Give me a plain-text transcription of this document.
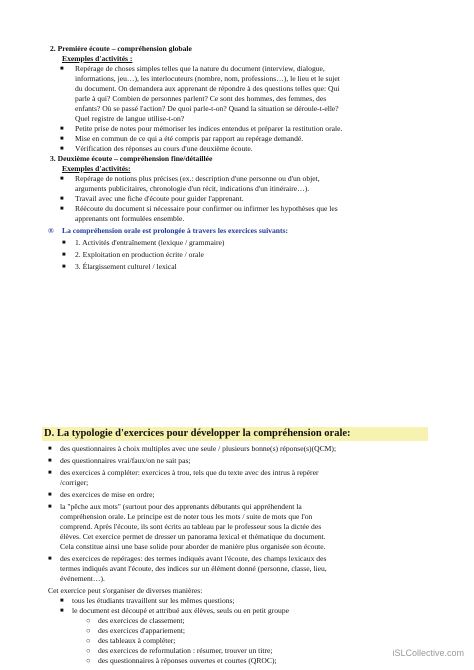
2. Première écoute – compréhension globale
Exemples d'activités :
■ Repérage de choses simples telles que la nature du document (interview, dialogue,
informations, jeu…), les interlocuteurs (nombre, nom, professions…), le lieu et le sujet
du document. On demandera aux apprenant de répondre à des questions telles que: Qui
parle à qui? Combien de personnes parlent? Ce sont des hommes, des femmes, des
enfants? Où se passé l'action? De quoi parle-t-on? Quand la situation se déroule-t-elle?
Quel registre de langue utilise-t-on?
■ Petite prise de notes pour mémoriser les indices entendus et préparer la restitution orale.
■ Mise en commun de ce qui a été compris par rapport au repérage demandé.
■ Vérification des réponses au cours d'une deuxième écoute.
3. Deuxième écoute – compréhension fine/détaillée
Exemples d'activités:
■ Repérage de notions plus précises (ex.: description d'une personne ou d'un objet,
arguments publicitaires, chronologie d'un récit, indications d'un itinéraire…).
■ Travail avec une fiche d'écoute pour guider l'apprenant.
■ Réécoute du document si nécessaire pour confirmer ou infirmer les hypothèses que les
apprenants ont formulées ensemble.
® La compréhension orale est prolongée à travers les exercices suivants:
■ 1. Activités d'entraînement (lexique / grammaire)
■ 2. Exploitation en production écrite / orale
■ 3. Élargissement culturel / lexical
D. La typologie d'exercices pour développer la compréhension orale:
■ des questionnaires à choix multiples avec une seule / plusieurs bonne(s) réponse(s)(QCM);
■ des questionnaires vrai/faux/on ne sait pas;
■ des exercices à compléter: exercices à trou, tels que du texte avec des intrus à repérer
/corriger;
■ des exercices de mise en ordre;
■ la "pêche aux mots" (surtout pour des apprenants débutants qui appréhendent la
compréhension orale. Le principe est de noter tous les mots / suite de mots que l'on
comprend. Après l'écoute, ils sont écrits au tableau par le professeur sous la dictée des
élèves. Cet exercice permet de dresser un panorama lexical et thématique du document.
Cela constitue ainsi une base solide pour aborder de manière plus organisée son écoute.
■ des exercices de repérages: des termes indiqués avant l'écoute, des champs lexicaux des
termes indiqués avant l'écoute, des indices sur un élément donné (personne, classe, lieu,
événement…).
Cet exercice peut s'organiser de diverses manières:
■ tous les étudiants travaillent sur les mêmes questions;
■ le document est découpé et attribué aux élèves, seuls ou en petit groupe
○ des exercices de classement;
○ des exercices d'appariement;
○ des tableaux à compléter;
○ des exercices de reformulation : résumer, trouver un titre;
○ des questionnaires à réponses ouvertes et courtes (QROC);
iSLCollective.com
